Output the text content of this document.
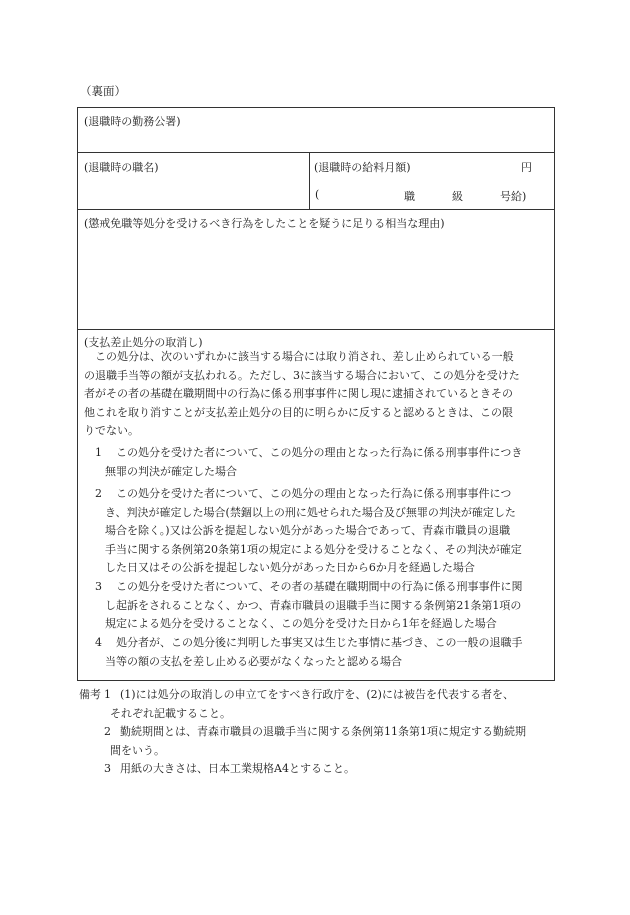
（裏面）
(退職時の勤務公署)
(退職時の職名)	(退職時の給料月額)	円
(	職	級	号給)
(懲戒免職等処分を受けるべき行為をしたことを疑うに足りる相当な理由)
(支払差止処分の取消し)
この処分は、次のいずれかに該当する場合には取り消され、差し止められている一般
の退職手当等の額が支払われる。ただし、3に該当する場合において、この処分を受けた
者がその者の基礎在職期間中の行為に係る刑事事件に関し現に逮捕されているときその
他これを取り消すことが支払差止処分の目的に明らかに反すると認めるときは、この限
りでない。
1 この処分を受けた者について、この処分の理由となった行為に係る刑事事件につき
無罪の判決が確定した場合
2 この処分を受けた者について、この処分の理由となった行為に係る刑事事件につ
き、判決が確定した場合(禁錮以上の刑に処せられた場合及び無罪の判決が確定した
場合を除く。)又は公訴を提起しない処分があった場合であって、青森市職員の退職
手当に関する条例第20条第1項の規定による処分を受けることなく、その判決が確定
した日又はその公訴を提起しない処分があった日から6か月を経過した場合
3 この処分を受けた者について、その者の基礎在職期間中の行為に係る刑事事件に関
し起訴をされることなく、かつ、青森市職員の退職手当に関する条例第21条第1項の
規定による処分を受けることなく、この処分を受けた日から1年を経過した場合
4 処分者が、この処分後に判明した事実又は生じた事情に基づき、この一般の退職手
当等の額の支払を差し止める必要がなくなったと認める場合
備考 1 (1)には処分の取消しの申立てをすべき行政庁を、(2)には被告を代表する者を、
それぞれ記載すること。
2 勤続期間とは、青森市職員の退職手当に関する条例第11条第1項に規定する勤続期
間をいう。
3 用紙の大きさは、日本工業規格A4とすること。
